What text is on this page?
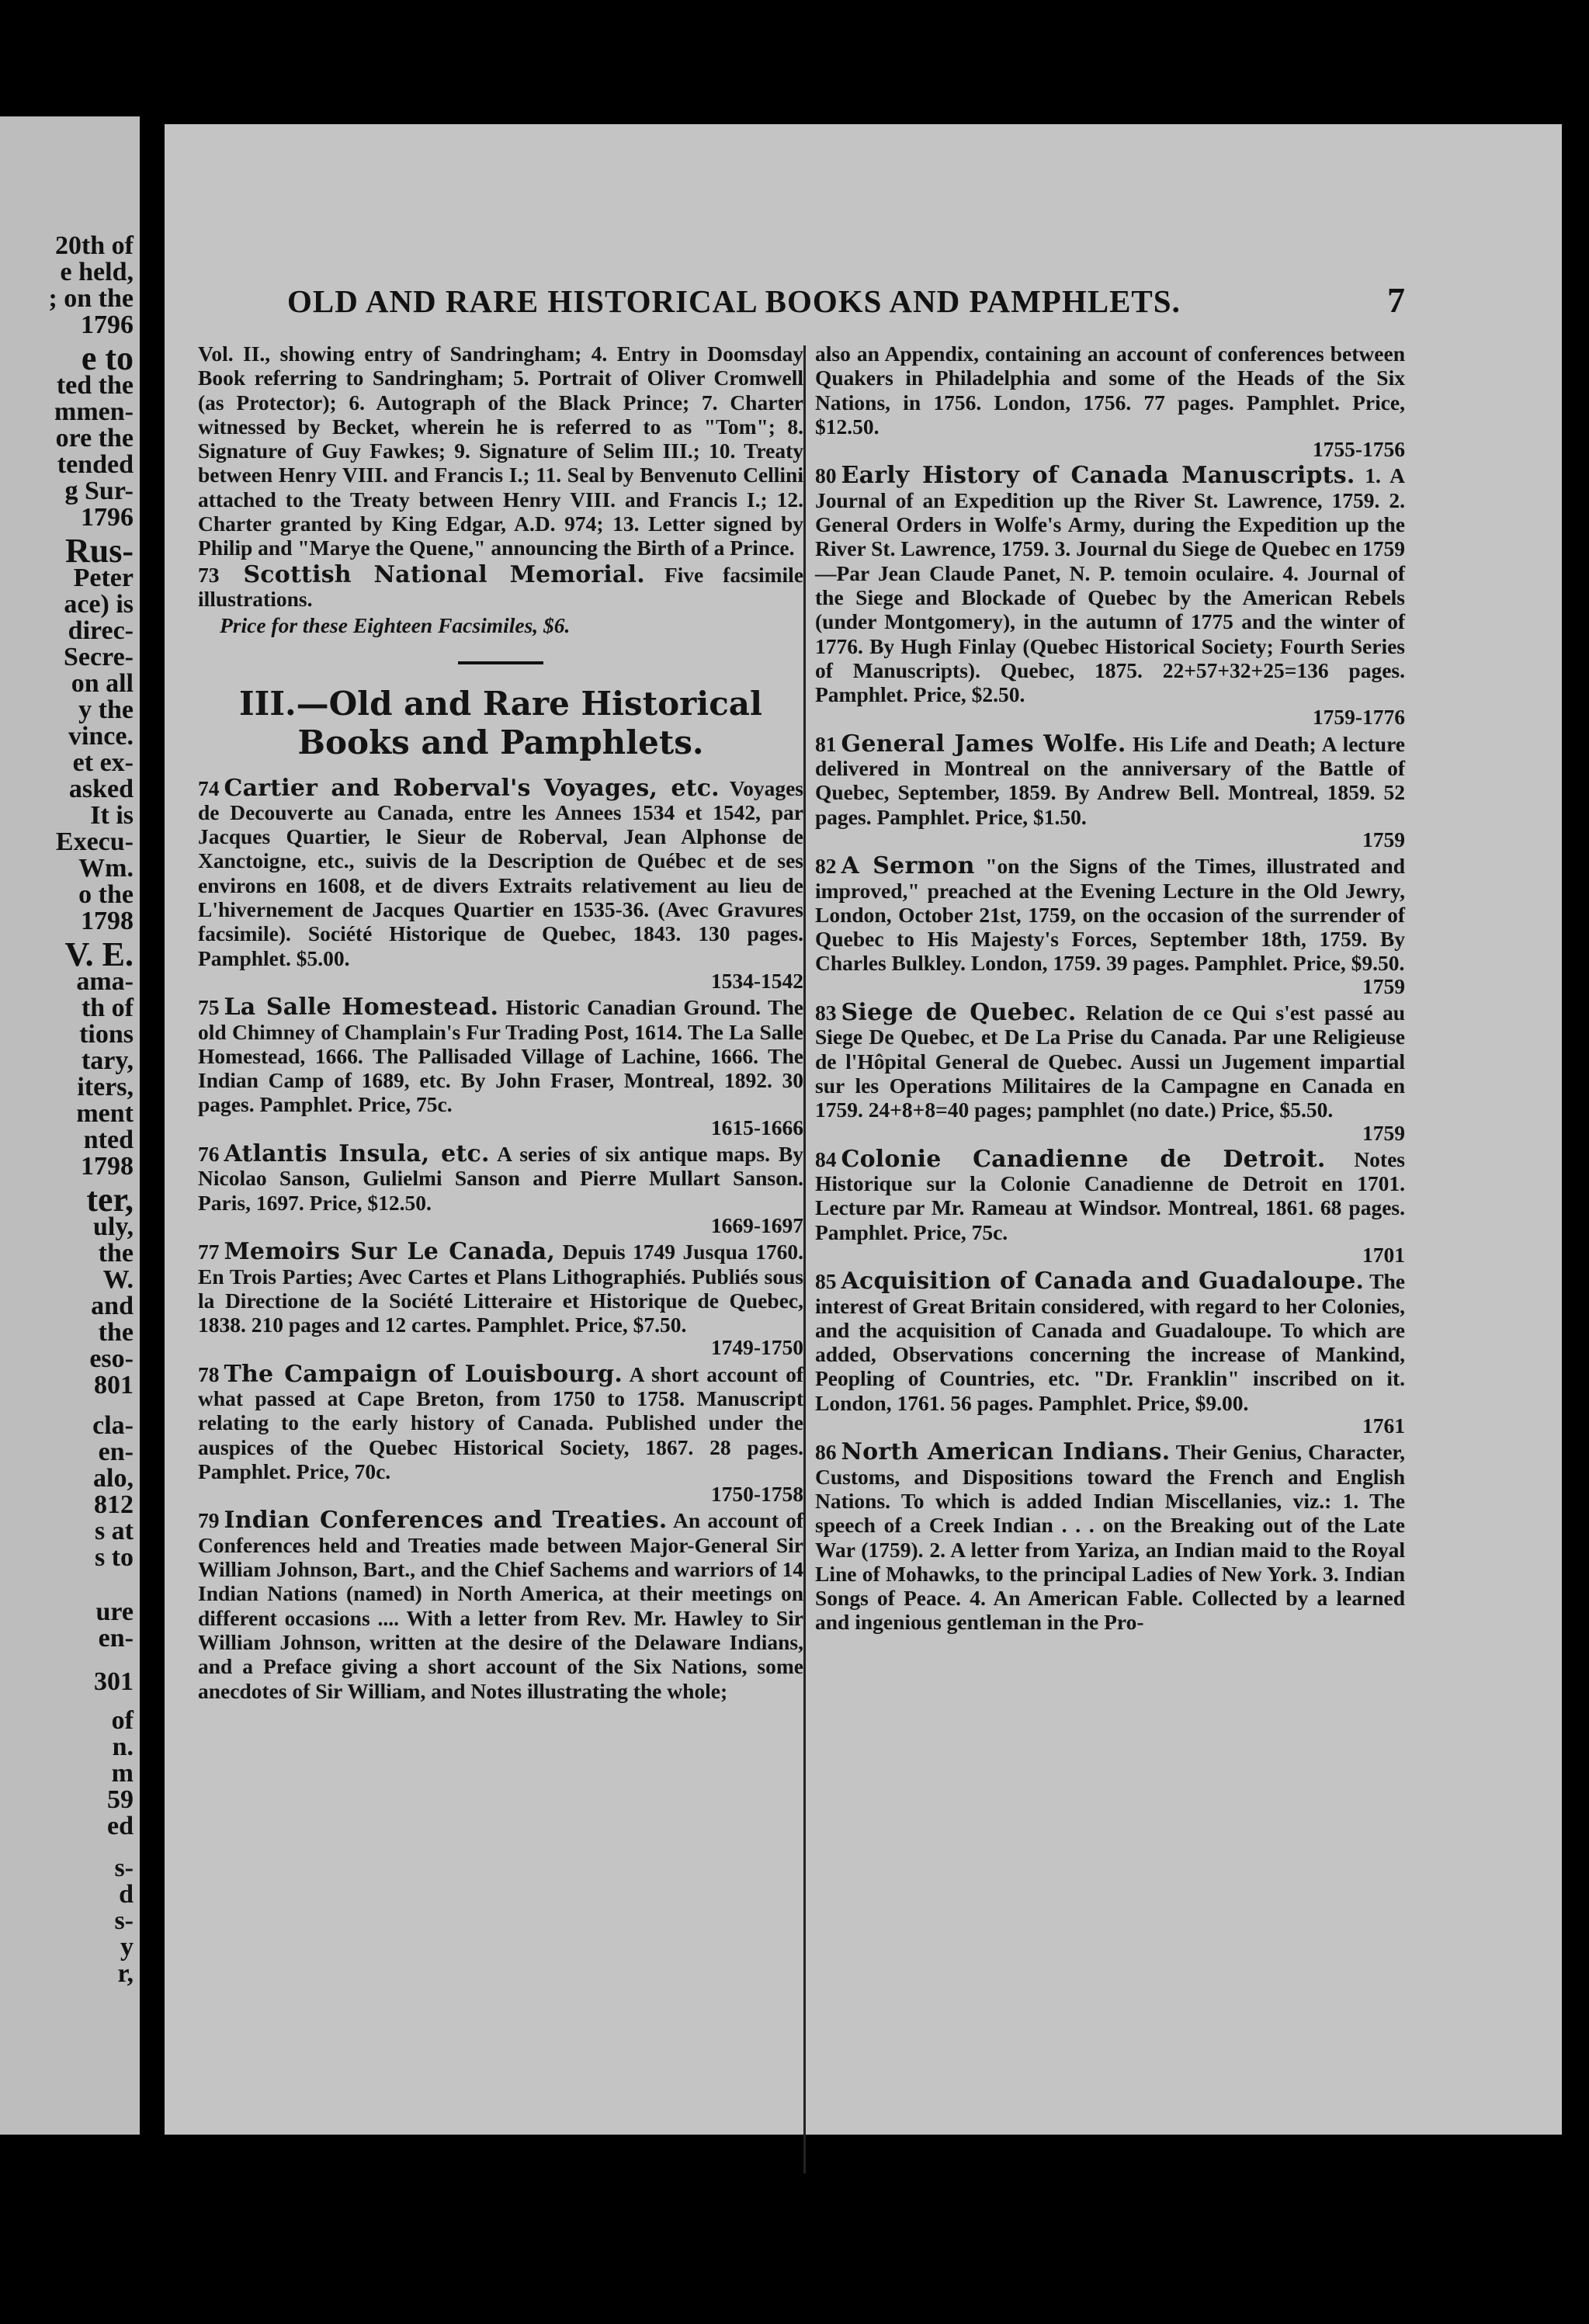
20th of
e held,
; on the
1796
e to
ted the
mmen-
ore the
tended
g Sur-
1796
Rus-
Peter
ace) is
direc-
Secre-
on all
y the
vince.
et ex-
asked
It is
Execu-
Wm.
o the
1798
V. E.
ama-
th of
tions
tary,
iters,
ment
nted
1798
ter,
uly,
the
W.
and
the
eso-
801
cla-
en-
alo,
812
s at
s to
ure
en-
301
of
n.
m
59
ed
s-
d
s-
y
r,
OLD AND RARE HISTORICAL BOOKS AND PAMPHLETS.	7

Vol. II., showing entry of Sandringham; 4. Entry in Doomsday Book referring to Sandringham; 5. Portrait of Oliver Cromwell (as Protector); 6. Autograph of the Black Prince; 7. Charter witnessed by Becket, wherein he is referred to as "Tom"; 8. Signature of Guy Fawkes; 9. Signature of Selim III.; 10. Treaty between Henry VIII. and Francis I.; 11. Seal by Benvenuto Cellini attached to the Treaty between Henry VIII. and Francis I.; 12. Charter granted by King Edgar, A.D. 974; 13. Letter signed by Philip and "Marye the Quene," announcing the Birth of a Prince.

73 Scottish National Memorial. Five facsimile illustrations.

Price for these Eighteen Facsimiles, $6.

III.—Old and Rare Historical Books and Pamphlets.

74 Cartier and Roberval's Voyages, etc. Voyages de Decouverte au Canada, entre les Annees 1534 et 1542, par Jacques Quartier, le Sieur de Roberval, Jean Alphonse de Xanctoigne, etc., suivis de la Description de Québec et de ses environs en 1608, et de divers Extraits relativement au lieu de L'hivernement de Jacques Quartier en 1535-36. (Avec Gravures facsimile). Société Historique de Quebec, 1843. 130 pages. Pamphlet. $5.00.
1534-1542

75 La Salle Homestead. Historic Canadian Ground. The old Chimney of Champlain's Fur Trading Post, 1614. The La Salle Homestead, 1666. The Pallisaded Village of Lachine, 1666. The Indian Camp of 1689, etc. By John Fraser, Montreal, 1892. 30 pages. Pamphlet. Price, 75c.
1615-1666

76 Atlantis Insula, etc. A series of six antique maps. By Nicolao Sanson, Gulielmi Sanson and Pierre Mullart Sanson. Paris, 1697. Price, $12.50.
1669-1697

77 Memoirs Sur Le Canada, Depuis 1749 Jusqua 1760. En Trois Parties; Avec Cartes et Plans Lithographiés. Publiés sous la Directione de la Société Litteraire et Historique de Quebec, 1838. 210 pages and 12 cartes. Pamphlet. Price, $7.50.
1749-1750

78 The Campaign of Louisbourg. A short account of what passed at Cape Breton, from 1750 to 1758. Manuscript relating to the early history of Canada. Published under the auspices of the Quebec Historical Society, 1867. 28 pages. Pamphlet. Price, 70c.
1750-1758

79 Indian Conferences and Treaties. An account of Conferences held and Treaties made between Major-General Sir William Johnson, Bart., and the Chief Sachems and warriors of 14 Indian Nations (named) in North America, at their meetings on different occasions .... With a letter from Rev. Mr. Hawley to Sir William Johnson, written at the desire of the Delaware Indians, and a Preface giving a short account of the Six Nations, some anecdotes of Sir William, and Notes illustrating the whole;

also an Appendix, containing an account of conferences between Quakers in Philadelphia and some of the Heads of the Six Nations, in 1756. London, 1756. 77 pages. Pamphlet. Price, $12.50.
1755-1756

80 Early History of Canada Manuscripts. 1. A Journal of an Expedition up the River St. Lawrence, 1759. 2. General Orders in Wolfe's Army, during the Expedition up the River St. Lawrence, 1759. 3. Journal du Siege de Quebec en 1759—Par Jean Claude Panet, N. P. temoin oculaire. 4. Journal of the Siege and Blockade of Quebec by the American Rebels (under Montgomery), in the autumn of 1775 and the winter of 1776. By Hugh Finlay (Quebec Historical Society; Fourth Series of Manuscripts). Quebec, 1875. 22+57+32+25=136 pages. Pamphlet. Price, $2.50.
1759-1776

81 General James Wolfe. His Life and Death; A lecture delivered in Montreal on the anniversary of the Battle of Quebec, September, 1859. By Andrew Bell. Montreal, 1859. 52 pages. Pamphlet. Price, $1.50.
1759

82 A Sermon "on the Signs of the Times, illustrated and improved," preached at the Evening Lecture in the Old Jewry, London, October 21st, 1759, on the occasion of the surrender of Quebec to His Majesty's Forces, September 18th, 1759. By Charles Bulkley. London, 1759. 39 pages. Pamphlet. Price, $9.50.
1759

83 Siege de Quebec. Relation de ce Qui s'est passé au Siege De Quebec, et De La Prise du Canada. Par une Religieuse de l'Hôpital General de Quebec. Aussi un Jugement impartial sur les Operations Militaires de la Campagne en Canada en 1759. 24+8+8=40 pages; pamphlet (no date.) Price, $5.50.
1759

84 Colonie Canadienne de Detroit. Notes Historique sur la Colonie Canadienne de Detroit en 1701. Lecture par Mr. Rameau at Windsor. Montreal, 1861. 68 pages. Pamphlet. Price, 75c.
1701

85 Acquisition of Canada and Guadaloupe. The interest of Great Britain considered, with regard to her Colonies, and the acquisition of Canada and Guadaloupe. To which are added, Observations concerning the increase of Mankind, Peopling of Countries, etc. "Dr. Franklin" inscribed on it. London, 1761. 56 pages. Pamphlet. Price, $9.00.
1761

86 North American Indians. Their Genius, Character, Customs, and Dispositions toward the French and English Nations. To which is added Indian Miscellanies, viz.: 1. The speech of a Creek Indian . . . on the Breaking out of the Late War (1759). 2. A letter from Yariza, an Indian maid to the Royal Line of Mohawks, to the principal Ladies of New York. 3. Indian Songs of Peace. 4. An American Fable. Collected by a learned and ingenious gentleman in the Pro-
